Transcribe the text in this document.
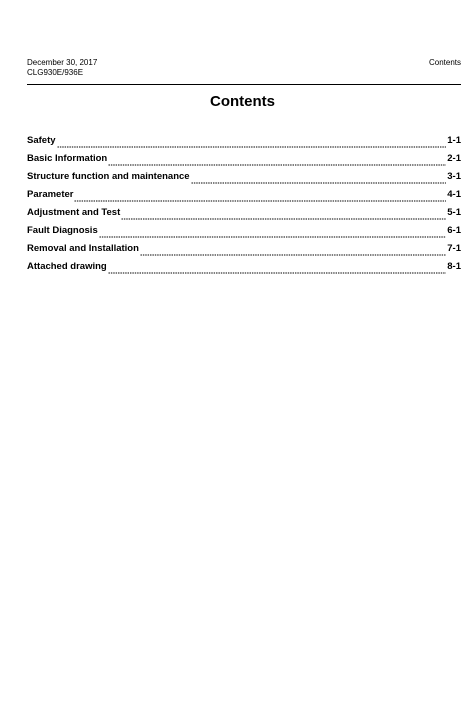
December 30, 2017
CLG930E/936E
Contents
Contents
Safety	1-1
Basic Information	2-1
Structure function and maintenance	3-1
Parameter	4-1
Adjustment and Test	5-1
Fault Diagnosis	6-1
Removal and Installation	7-1
Attached drawing	8-1
